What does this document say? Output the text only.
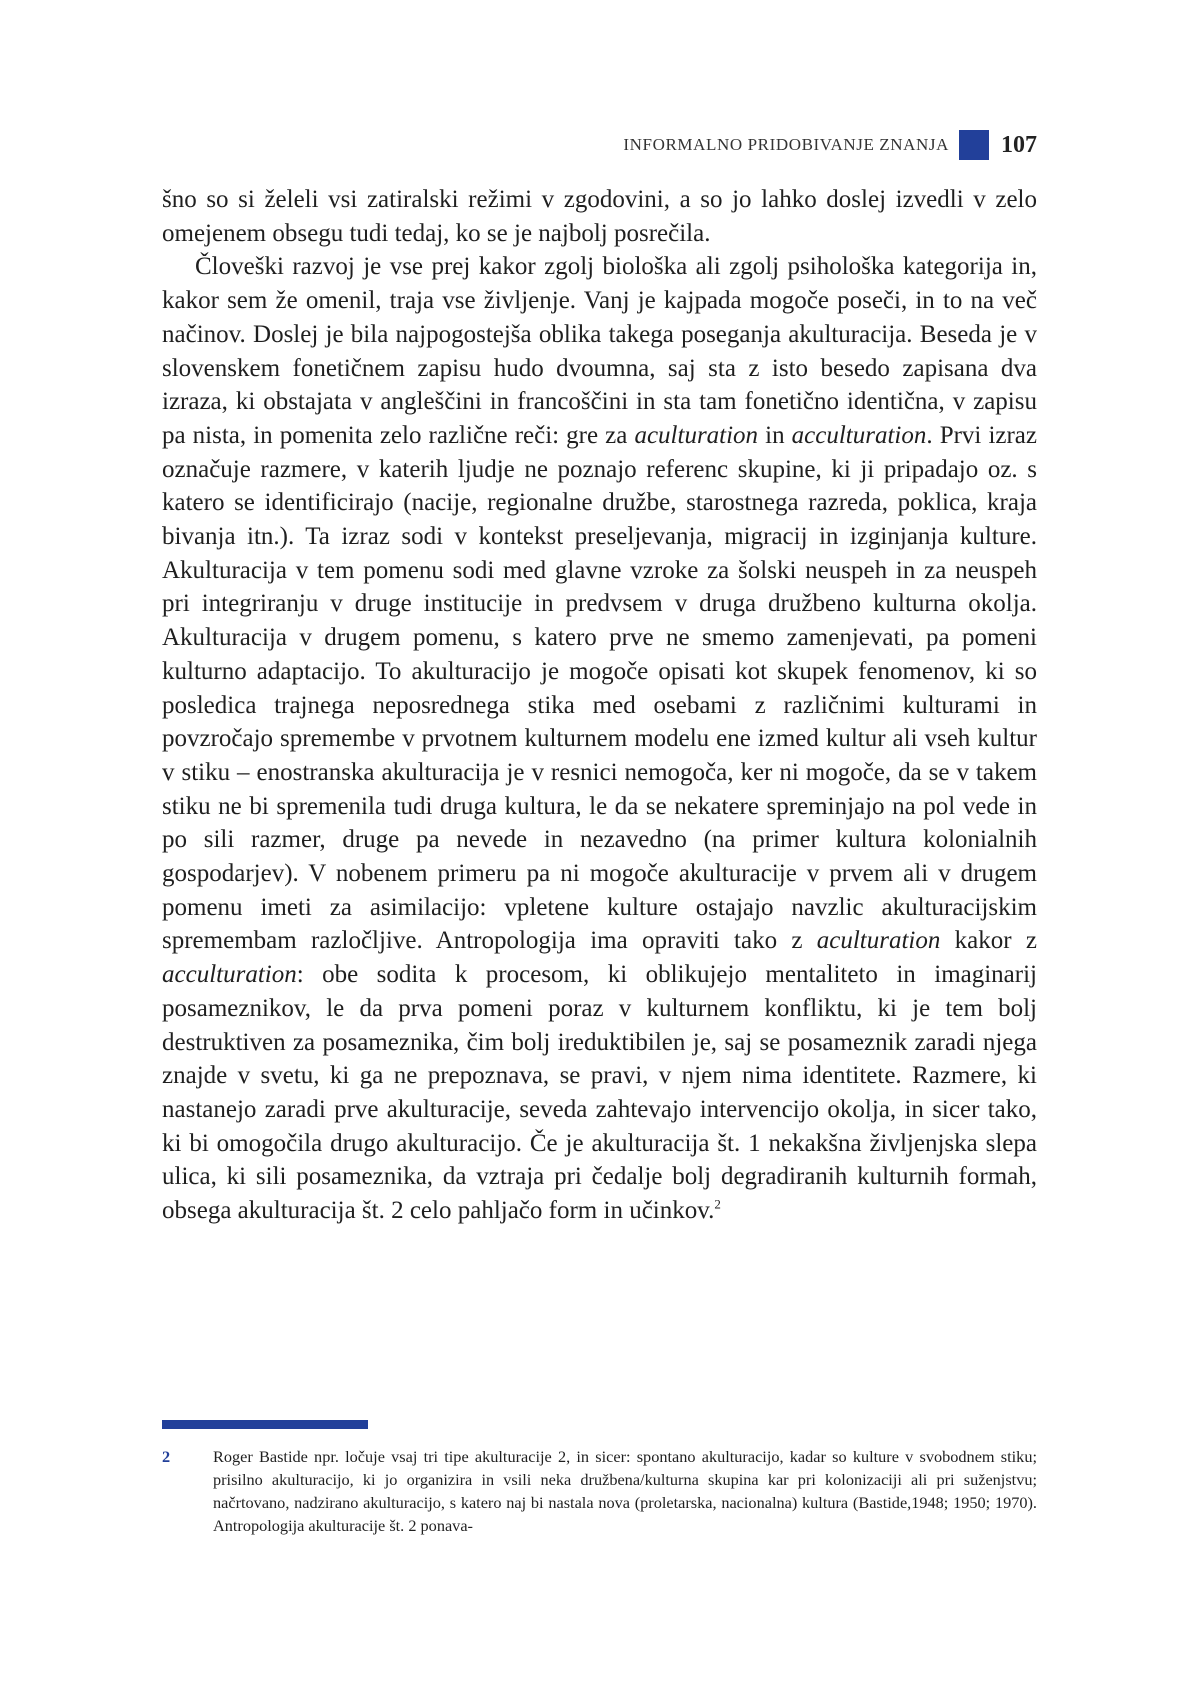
INFORMALNO PRIDOBIVANJE ZNANJA 107

šno so si želeli vsi zatiralski režimi v zgodovini, a so jo lahko doslej izvedli v zelo omejenem obsegu tudi tedaj, ko se je najbolj posrečila.

Človeški razvoj je vse prej kakor zgolj biološka ali zgolj psihološka kategorija in, kakor sem že omenil, traja vse življenje. Vanj je kajpada mogoče poseči, in to na več načinov. Doslej je bila najpogostejša oblika takega poseganja akulturacija. Beseda je v slovenskem fonetičnem zapisu hudo dvoumna, saj sta z isto besedo zapisana dva izraza, ki obstajata v angleščini in francoščini in sta tam fonetično identična, v zapisu pa nista, in pomenita zelo različne reči: gre za aculturation in acculturation. Prvi izraz označuje razmere, v katerih ljudje ne poznajo referenc skupine, ki ji pripadajo oz. s katero se identificirajo (nacije, regionalne družbe, starostnega razreda, poklica, kraja bivanja itn.). Ta izraz sodi v kontekst preseljevanja, migracij in izginjanja kulture. Akulturacija v tem pomenu sodi med glavne vzroke za šolski neuspeh in za neuspeh pri integriranju v druge institucije in predvsem v druga družbeno kulturna okolja. Akulturacija v drugem pomenu, s katero prve ne smemo zamenjevati, pa pomeni kulturno adaptacijo. To akulturacijo je mogoče opisati kot skupek fenomenov, ki so posledica trajnega neposrednega stika med osebami z različnimi kulturami in povzročajo spremembe v prvotnem kulturnem modelu ene izmed kultur ali vseh kultur v stiku – enostranska akulturacija je v resnici nemogoča, ker ni mogoče, da se v takem stiku ne bi spremenila tudi druga kultura, le da se nekatere spreminjajo na pol vede in po sili razmer, druge pa nevede in nezavedno (na primer kultura kolonialnih gospodarjev). V nobenem primeru pa ni mogoče akulturacije v prvem ali v drugem pomenu imeti za asimilacijo: vpletene kulture ostajajo navzlic akulturacijskim spremembam razločljive. Antropologija ima opraviti tako z aculturation kakor z acculturation: obe sodita k procesom, ki oblikujejo mentaliteto in imaginarij posameznikov, le da prva pomeni poraz v kulturnem konfliktu, ki je tem bolj destruktiven za posameznika, čim bolj ireduktibilen je, saj se posameznik zaradi njega znajde v svetu, ki ga ne prepoznava, se pravi, v njem nima identitete. Razmere, ki nastanejo zaradi prve akulturacije, seveda zahtevajo intervencijo okolja, in sicer tako, ki bi omogočila drugo akulturacijo. Če je akulturacija št. 1 nekakšna življenjska slepa ulica, ki sili posameznika, da vztraja pri čedalje bolj degradiranih kulturnih formah, obsega akulturacija št. 2 celo pahljačo form in učinkov.$^2$

2	Roger Bastide npr. ločuje vsaj tri tipe akulturacije 2, in sicer: spontano akulturacijo, kadar so kulture v svobodnem stiku; prisilno akulturacijo, ki jo organizira in vsili neka družbena/kulturna skupina kar pri kolonizaciji ali pri suženjstvu; načrtovano, nadzirano akulturacijo, s katero naj bi nastala nova (proletarska, nacionalna) kultura (Bastide,1948; 1950; 1970). Antropologija akulturacije št. 2 ponava-
